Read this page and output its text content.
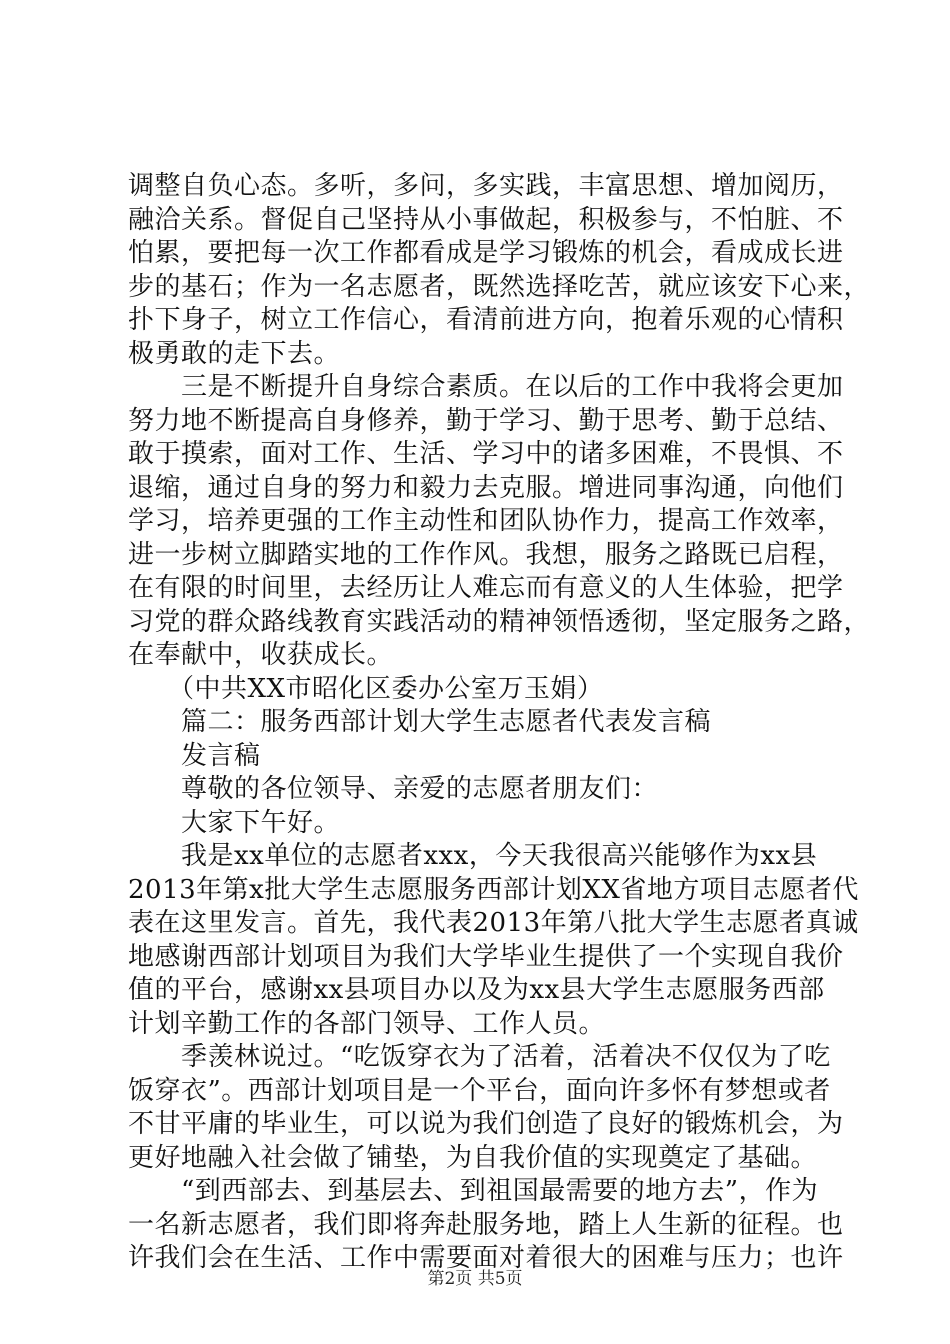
调整自负心态。多听，多问，多实践，丰富思想、增加阅历，
融洽关系。督促自己坚持从小事做起，积极参与，不怕脏、不
怕累，要把每一次工作都看成是学习锻炼的机会，看成成长进
步的基石；作为一名志愿者，既然选择吃苦，就应该安下心来，
扑下身子，树立工作信心，看清前进方向，抱着乐观的心情积
极勇敢的走下去。
　　三是不断提升自身综合素质。在以后的工作中我将会更加
努力地不断提高自身修养，勤于学习、勤于思考、勤于总结、
敢于摸索，面对工作、生活、学习中的诸多困难，不畏惧、不
退缩，通过自身的努力和毅力去克服。增进同事沟通，向他们
学习，培养更强的工作主动性和团队协作力，提高工作效率，
进一步树立脚踏实地的工作作风。我想，服务之路既已启程，
在有限的时间里，去经历让人难忘而有意义的人生体验，把学
习党的群众路线教育实践活动的精神领悟透彻，坚定服务之路，
在奉献中，收获成长。
　　（中共XX市昭化区委办公室万玉娟）
　　篇二：服务西部计划大学生志愿者代表发言稿
　　发言稿
　　尊敬的各位领导、亲爱的志愿者朋友们：
　　大家下午好。
　　我是xx单位的志愿者xxx，今天我很高兴能够作为xx县
2013年第x批大学生志愿服务西部计划XX省地方项目志愿者代
表在这里发言。首先，我代表2013年第八批大学生志愿者真诚
地感谢西部计划项目为我们大学毕业生提供了一个实现自我价
值的平台，感谢xx县项目办以及为xx县大学生志愿服务西部
计划辛勤工作的各部门领导、工作人员。
　　季羡林说过。“吃饭穿衣为了活着，活着决不仅仅为了吃
饭穿衣”。西部计划项目是一个平台，面向许多怀有梦想或者
不甘平庸的毕业生，可以说为我们创造了良好的锻炼机会，为
更好地融入社会做了铺垫，为自我价值的实现奠定了基础。
　　“到西部去、到基层去、到祖国最需要的地方去”，作为
一名新志愿者，我们即将奔赴服务地，踏上人生新的征程。也
许我们会在生活、工作中需要面对着很大的困难与压力；也许
第2页 共5页
